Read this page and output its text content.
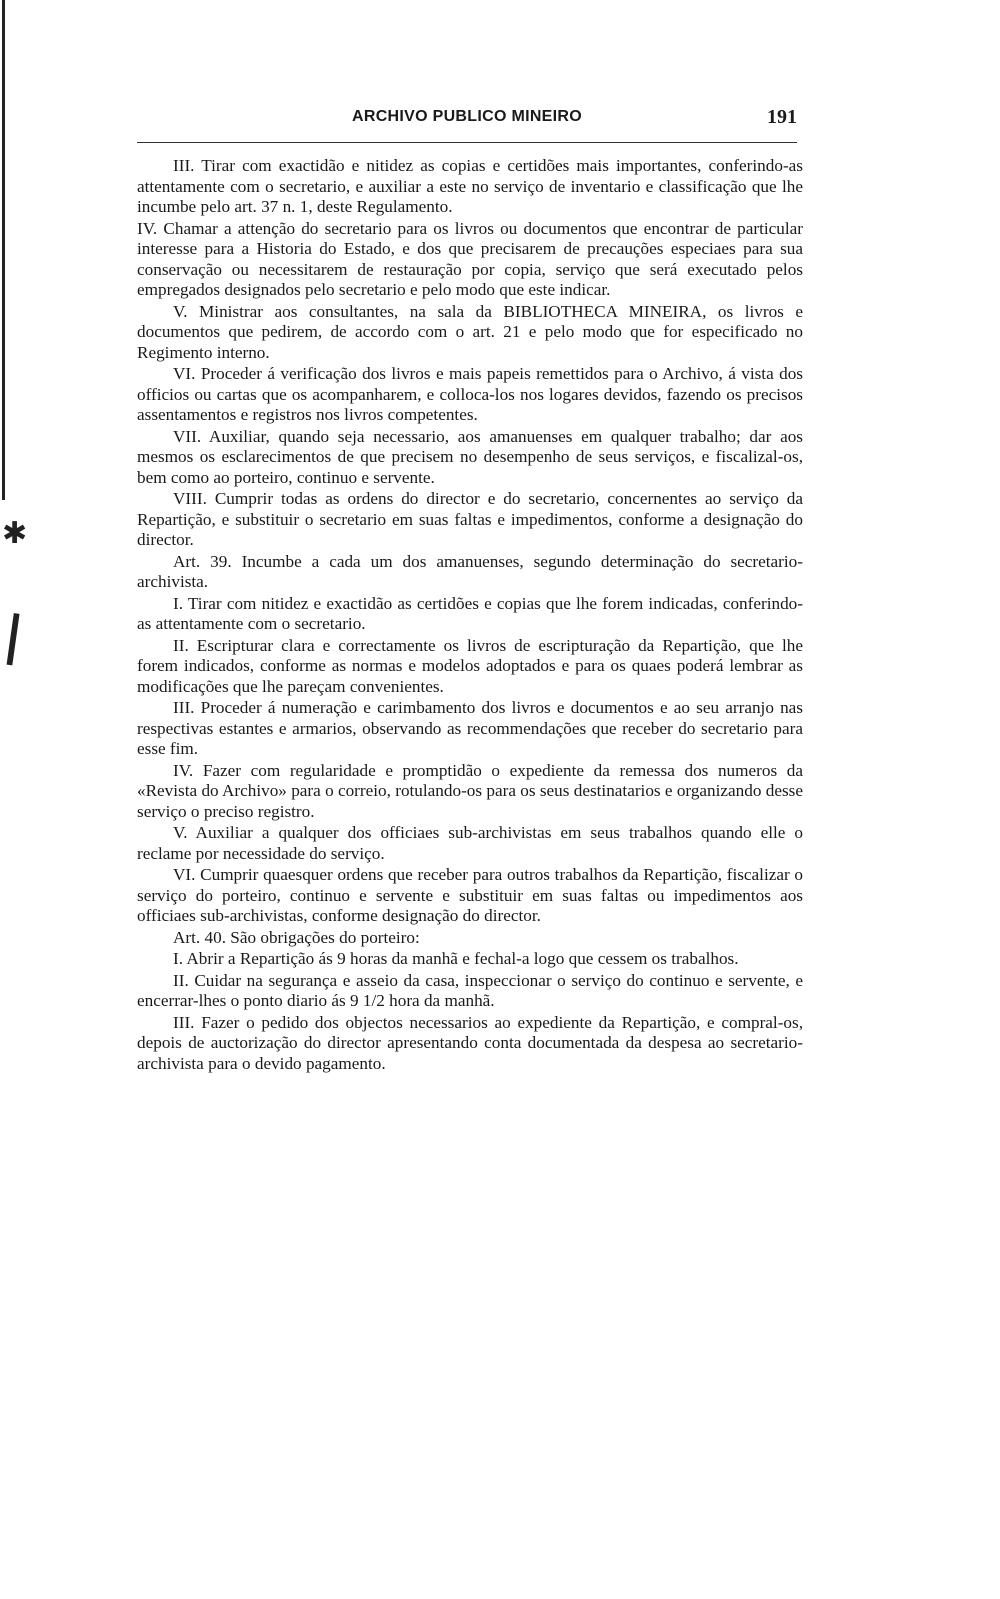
✱
|
ARCHIVO PUBLICO MINEIRO	191

III. Tirar com exactidão e nitidez as copias e certidões mais importantes, conferindo-as attentamente com o secretario, e auxiliar a este no serviço de inventario e classificação que lhe incumbe pelo art. 37 n. 1, deste Regulamento.

IV. Chamar a attenção do secretario para os livros ou documentos que encontrar de particular interesse para a Historia do Estado, e dos que precisarem de precauções especiaes para sua conservação ou necessitarem de restauração por copia, serviço que será executado pelos empregados designados pelo secretario e pelo modo que este indicar.

V. Ministrar aos consultantes, na sala da BIBLIOTHECA MINEIRA, os livros e documentos que pedirem, de accordo com o art. 21 e pelo modo que for especificado no Regimento interno.

VI. Proceder á verificação dos livros e mais papeis remettidos para o Archivo, á vista dos officios ou cartas que os acompanharem, e colloca-los nos logares devidos, fazendo os precisos assentamentos e registros nos livros competentes.

VII. Auxiliar, quando seja necessario, aos amanuenses em qualquer trabalho; dar aos mesmos os esclarecimentos de que precisem no desempenho de seus serviços, e fiscalizal-os, bem como ao porteiro, continuo e servente.

VIII. Cumprir todas as ordens do director e do secretario, concernentes ao serviço da Repartição, e substituir o secretario em suas faltas e impedimentos, conforme a designação do director.

Art. 39. Incumbe a cada um dos amanuenses, segundo determinação do secretario-archivista.

I. Tirar com nitidez e exactidão as certidões e copias que lhe forem indicadas, conferindo-as attentamente com o secretario.

II. Escripturar clara e correctamente os livros de escripturação da Repartição, que lhe forem indicados, conforme as normas e modelos adoptados e para os quaes poderá lembrar as modificações que lhe pareçam convenientes.

III. Proceder á numeração e carimbamento dos livros e documentos e ao seu arranjo nas respectivas estantes e armarios, observando as recommendações que receber do secretario para esse fim.

IV. Fazer com regularidade e promptidão o expediente da remessa dos numeros da «Revista do Archivo» para o correio, rotulando-os para os seus destinatarios e organizando desse serviço o preciso registro.

V. Auxiliar a qualquer dos officiaes sub-archivistas em seus trabalhos quando elle o reclame por necessidade do serviço.

VI. Cumprir quaesquer ordens que receber para outros trabalhos da Repartição, fiscalizar o serviço do porteiro, continuo e servente e substituir em suas faltas ou impedimentos aos officiaes sub-archivistas, conforme designação do director.

Art. 40. São obrigações do porteiro:

I. Abrir a Repartição ás 9 horas da manhã e fechal-a logo que cessem os trabalhos.

II. Cuidar na segurança e asseio da casa, inspeccionar o serviço do continuo e servente, e encerrar-lhes o ponto diario ás 9 1/2 hora da manhã.

III. Fazer o pedido dos objectos necessarios ao expediente da Repartição, e compral-os, depois de auctorização do director apresentando conta documentada da despesa ao secretario-archivista para o devido pagamento.
